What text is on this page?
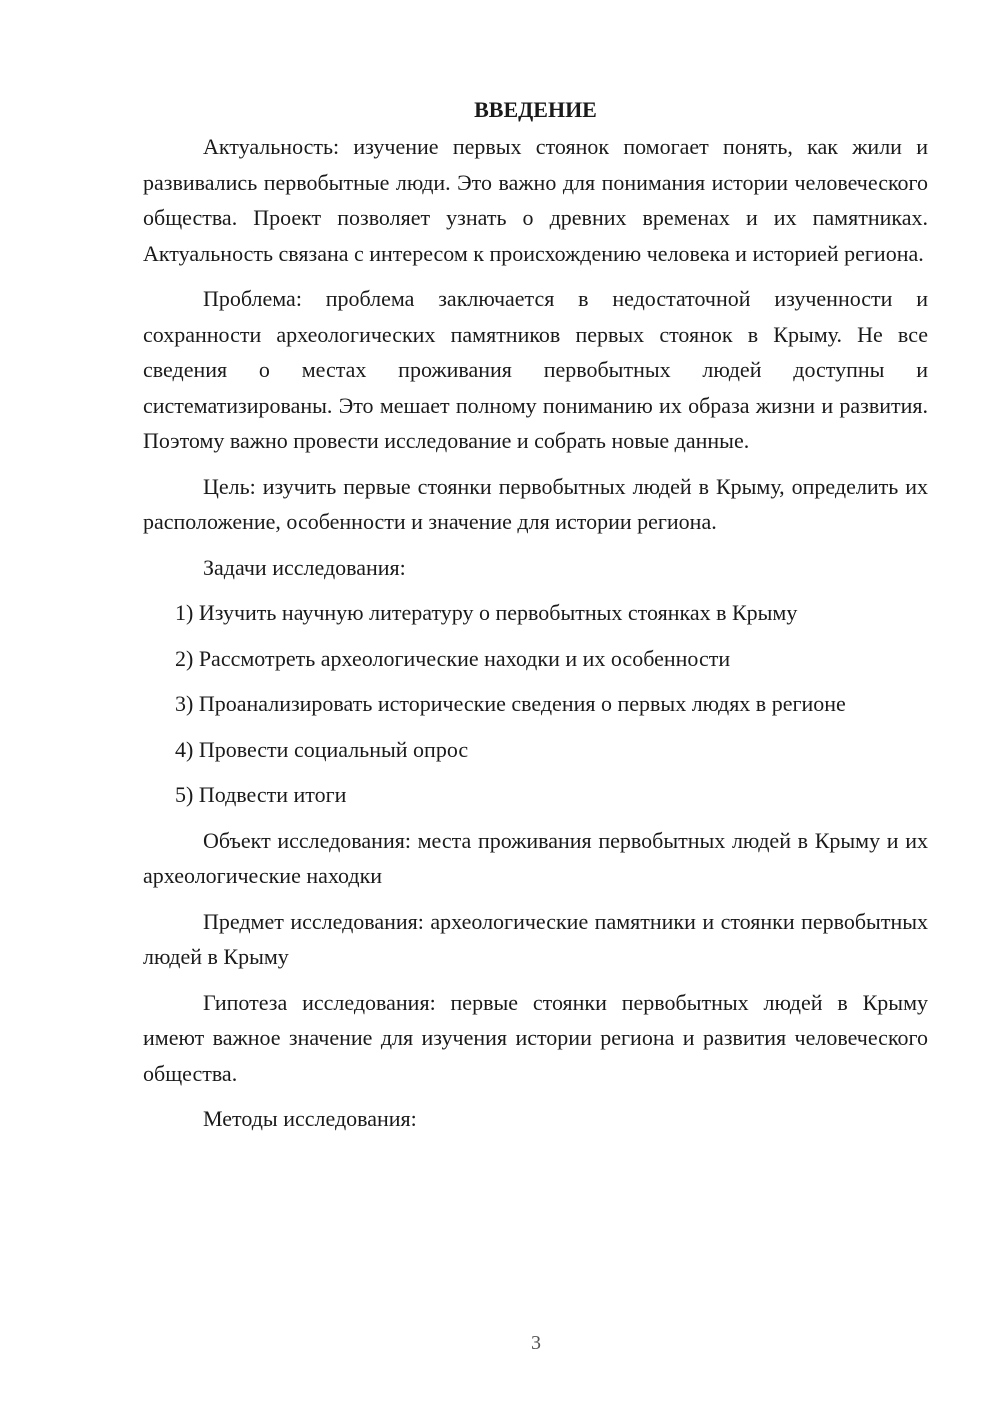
ВВЕДЕНИЕ

Актуальность: изучение первых стоянок помогает понять, как жили и развивались первобытные люди. Это важно для понимания истории человеческого общества. Проект позволяет узнать о древних временах и их памятниках. Актуальность связана с интересом к происхождению человека и историей региона.

Проблема: проблема заключается в недостаточной изученности и сохранности археологических памятников первых стоянок в Крыму. Не все сведения о местах проживания первобытных людей доступны и систематизированы. Это мешает полному пониманию их образа жизни и развития. Поэтому важно провести исследование и собрать новые данные.

Цель: изучить первые стоянки первобытных людей в Крыму, определить их расположение, особенности и значение для истории региона.

Задачи исследования:

1) Изучить научную литературу о первобытных стоянках в Крыму

2) Рассмотреть археологические находки и их особенности

3) Проанализировать исторические сведения о первых людях в регионе

4) Провести социальный опрос

5) Подвести итоги

Объект исследования: места проживания первобытных людей в Крыму и их археологические находки

Предмет исследования: археологические памятники и стоянки первобытных людей в Крыму

Гипотеза исследования: первые стоянки первобытных людей в Крыму имеют важное значение для изучения истории региона и развития человеческого общества.

Методы исследования:

3
